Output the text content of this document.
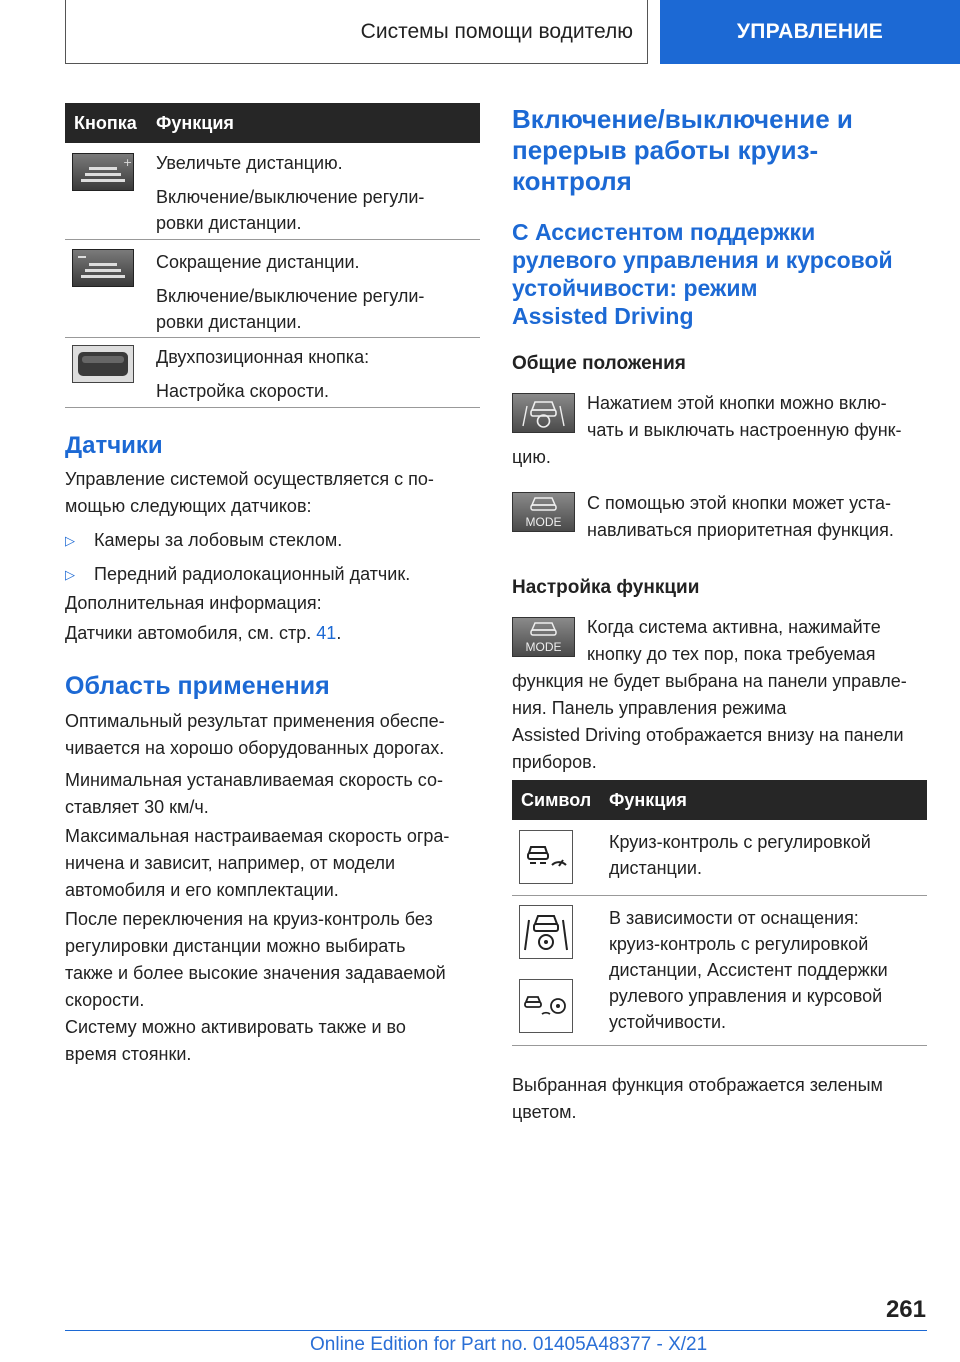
Системы помощи водителю	УПРАВЛЕНИЕ
Кнопка Функция
+ Увеличьте дистанцию.

Включение/выключение регули-
ровки дистанции.

Сокращение дистанции.

Включение/выключение регули-
ровки дистанции.

Двухпозиционная кнопка:

Настройка скорости.
Датчики
Управление системой осуществляется с по-
мощью следующих датчиков:
▷ Камеры за лобовым стеклом.
▷ Передний радиолокационный датчик.
Дополнительная информация:
Датчики автомобиля, см. стр. 41.
Область применения
Оптимальный результат применения обеспе-
чивается на хорошо оборудованных дорогах.
Минимальная устанавливаемая скорость со-
ставляет 30 км/ч.
Максимальная настраиваемая скорость огра-
ничена и зависит, например, от модели
автомобиля и его комплектации.
После переключения на круиз-контроль без
регулировки дистанции можно выбирать
также и более высокие значения задаваемой
скорости.
Систему можно активировать также и во
время стоянки.
Включение/выключение и
перерыв работы круиз-
контроля
С Ассистентом поддержки
рулевого управления и курсовой
устойчивости: режим
Assisted Driving
Общие положения
Нажатием этой кнопки можно вклю-
чать и выключать настроенную функ-
цию.
MODE
С помощью этой кнопки может уста-
навливаться приоритетная функция.
Настройка функции
MODE
Когда система активна, нажимайте
кнопку до тех пор, пока требуемая
функция не будет выбрана на панели управле-
ния. Панель управления режима
Assisted Driving отображается внизу на панели
приборов.
Символ Функция
Круиз-контроль с регулировкой
дистанции.
В зависимости от оснащения:
круиз-контроль с регулировкой
дистанции, Ассистент поддержки
рулевого управления и курсовой
устойчивости.
Выбранная функция отображается зеленым
цветом.
261
Online Edition for Part no. 01405A48377 - X/21
